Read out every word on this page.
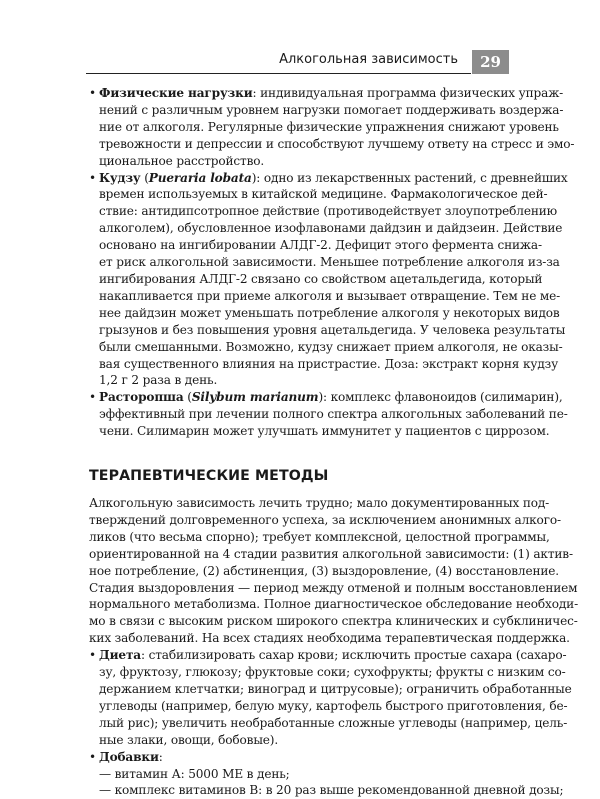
Алкогольная зависимость	29
• Физические нагрузки: индивидуальная программа физических упраж-
нений с различным уровнем нагрузки помогает поддерживать воздержа-
ние от алкоголя. Регулярные физические упражнения снижают уровень
тревожности и депрессии и способствуют лучшему ответу на стресс и эмо-
циональное расстройство.
• Кудзу (Pueraria lobata): одно из лекарственных растений, с древнейших
времен используемых в китайской медицине. Фармакологическое дей-
ствие: антидипсотропное действие (противодействует злоупотреблению
алкоголем), обусловленное изофлавонами дайдзин и дайдзеин. Действие
основано на ингибировании АЛДГ-2. Дефицит этого фермента снижа-
ет риск алкогольной зависимости. Меньшее потребление алкоголя из-за
ингибирования АЛДГ-2 связано со свойством ацетальдегида, который
накапливается при приеме алкоголя и вызывает отвращение. Тем не ме-
нее дайдзин может уменьшать потребление алкоголя у некоторых видов
грызунов и без повышения уровня ацетальдегида. У человека результаты
были смешанными. Возможно, кудзу снижает прием алкоголя, не оказы-
вая существенного влияния на пристрастие. Доза: экстракт корня кудзу
1,2 г 2 раза в день.
• Расторопша (Silybum marianum): комплекс флавоноидов (силимарин),
эффективный при лечении полного спектра алкогольных заболеваний пе-
чени. Силимарин может улучшать иммунитет у пациентов с циррозом.
ТЕРАПЕВТИЧЕСКИЕ МЕТОДЫ
Алкогольную зависимость лечить трудно; мало документированных под-
тверждений долговременного успеха, за исключением анонимных алкого-
ликов (что весьма спорно); требует комплексной, целостной программы,
ориентированной на 4 стадии развития алкогольной зависимости: (1) актив-
ное потребление, (2) абстиненция, (3) выздоровление, (4) восстановление.
Стадия выздоровления — период между отменой и полным восстановлением
нормального метаболизма. Полное диагностическое обследование необходи-
мо в связи с высоким риском широкого спектра клинических и субклиничес-
ких заболеваний. На всех стадиях необходима терапевтическая поддержка.
• Диета: стабилизировать сахар крови; исключить простые сахара (сахаро-
зу, фруктозу, глюкозу; фруктовые соки; сухофрукты; фрукты с низким со-
держанием клетчатки; виноград и цитрусовые); ограничить обработанные
углеводы (например, белую муку, картофель быстрого приготовления, бе-
лый рис); увеличить необработанные сложные углеводы (например, цель-
ные злаки, овощи, бобовые).
• Добавки:
— витамин А: 5000 МЕ в день;
— комплекс витаминов В: в 20 раз выше рекомендованной дневной дозы;
